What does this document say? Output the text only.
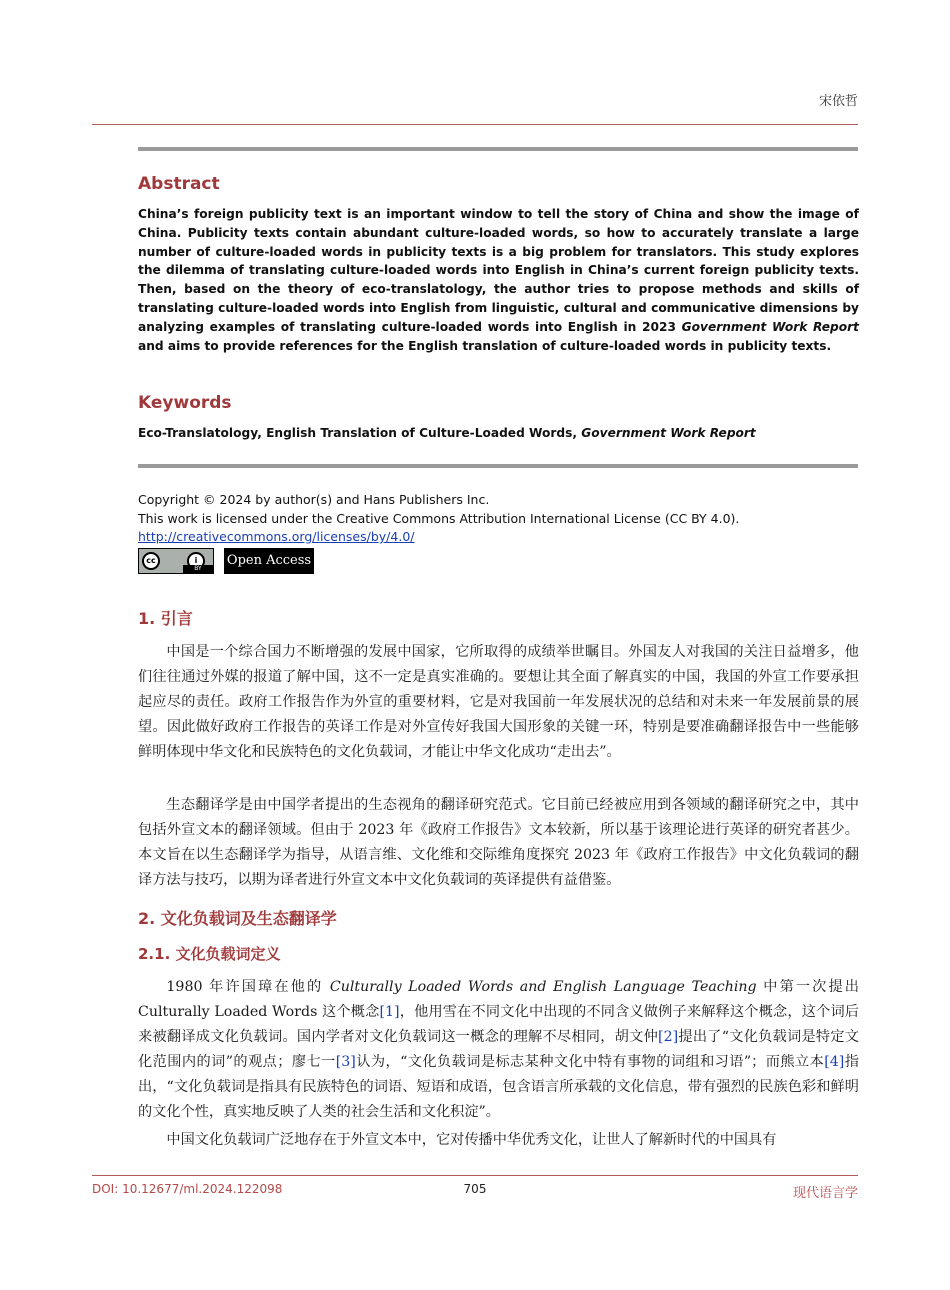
宋依哲
Abstract
China’s foreign publicity text is an important window to tell the story of China and show the image of China. Publicity texts contain abundant culture-loaded words, so how to accurately translate a large number of culture-loaded words in publicity texts is a big problem for translators. This study explores the dilemma of translating culture-loaded words into English in China’s current foreign publicity texts. Then, based on the theory of eco-translatology, the author tries to propose methods and skills of translating culture-loaded words into English from linguistic, cultural and communicative dimensions by analyzing examples of translating culture-loaded words into English in 2023 Government Work Report and aims to provide references for the English translation of culture-loaded words in publicity texts.
Keywords
Eco-Translatology, English Translation of Culture-Loaded Words, Government Work Report
Copyright © 2024 by author(s) and Hans Publishers Inc.
This work is licensed under the Creative Commons Attribution International License (CC BY 4.0).
http://creativecommons.org/licenses/by/4.0/
cc	i
BY
Open Access
1. 引言
中国是一个综合国力不断增强的发展中国家，它所取得的成绩举世瞩目。外国友人对我国的关注日益增多，他们往往通过外媒的报道了解中国，这不一定是真实准确的。要想让其全面了解真实的中国，我国的外宣工作要承担起应尽的责任。政府工作报告作为外宣的重要材料，它是对我国前一年发展状况的总结和对未来一年发展前景的展望。因此做好政府工作报告的英译工作是对外宣传好我国大国形象的关键一环，特别是要准确翻译报告中一些能够鲜明体现中华文化和民族特色的文化负载词，才能让中华文化成功“走出去”。
生态翻译学是由中国学者提出的生态视角的翻译研究范式。它目前已经被应用到各领域的翻译研究之中，其中包括外宣文本的翻译领域。但由于 2023 年《政府工作报告》文本较新，所以基于该理论进行英译的研究者甚少。本文旨在以生态翻译学为指导，从语言维、文化维和交际维角度探究 2023 年《政府工作报告》中文化负载词的翻译方法与技巧，以期为译者进行外宣文本中文化负载词的英译提供有益借鉴。
2. 文化负载词及生态翻译学
2.1. 文化负载词定义
1980 年许国璋在他的 Culturally Loaded Words and English Language Teaching 中第一次提出 Culturally Loaded Words 这个概念[1]，他用雪在不同文化中出现的不同含义做例子来解释这个概念，这个词后来被翻译成文化负载词。国内学者对文化负载词这一概念的理解不尽相同，胡文仲[2]提出了“文化负载词是特定文化范围内的词”的观点；廖七一[3]认为，“文化负载词是标志某种文化中特有事物的词组和习语”；而熊立本[4]指出，“文化负载词是指具有民族特色的词语、短语和成语，包含语言所承载的文化信息，带有强烈的民族色彩和鲜明的文化个性，真实地反映了人类的社会生活和文化积淀”。
中国文化负载词广泛地存在于外宣文本中，它对传播中华优秀文化，让世人了解新时代的中国具有
DOI: 10.12677/ml.2024.122098	705	现代语言学
